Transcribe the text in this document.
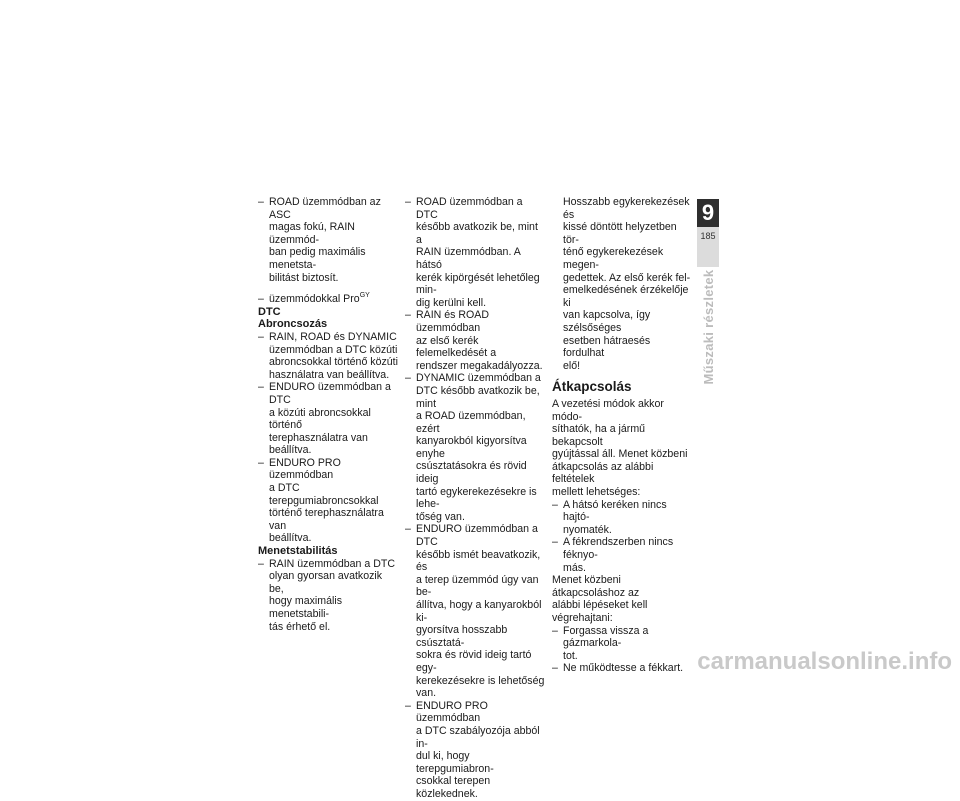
– ROAD üzemmódban az ASC
magas fokú, RAIN üzemmód-
ban pedig maximális menetsta-
bilitást biztosít.
– üzemmódokkal Pro$^{GY}$

DTC

Abroncsozás

– RAIN, ROAD és DYNAMIC
üzemmódban a DTC közúti
abroncsokkal történő közúti
használatra van beállítva.
– ENDURO üzemmódban a DTC
a közúti abroncsokkal történő
terephasználatra van beállítva.
– ENDURO PRO üzemmódban
a DTC terepgumiabroncsokkal
történő terephasználatra van
beállítva.

Menetstabilitás

– RAIN üzemmódban a DTC
olyan gyorsan avatkozik be,
hogy maximális menetstabili-
tás érhető el.
– ROAD üzemmódban a DTC
később avatkozik be, mint a
RAIN üzemmódban. A hátsó
kerék kipörgését lehetőleg min-
dig kerülni kell.
– RAIN és ROAD üzemmódban
az első kerék felemelkedését a
rendszer megakadályozza.
– DYNAMIC üzemmódban a
DTC később avatkozik be, mint
a ROAD üzemmódban, ezért
kanyarokból kigyorsítva enyhe
csúsztatásokra és rövid ideig
tartó egykerekezésekre is lehe-
tőség van.
– ENDURO üzemmódban a DTC
később ismét beavatkozik, és
a terep üzemmód úgy van be-
állítva, hogy a kanyarokból ki-
gyorsítva hosszabb csúsztatá-
sokra és rövid ideig tartó egy-
kerekezésekre is lehetőség van.
– ENDURO PRO üzemmódban
a DTC szabályozója abból in-
dul ki, hogy terepgumiabron-
csokkal terepen közlekednek.
Hosszabb egykerekezések és
kissé döntött helyzetben tör-
ténő egykerekezések megen-
gedettek. Az első kerék fel-
emelkedésének érzékelője ki
van kapcsolva, így szélsőséges
esetben hátraesés fordulhat
elő!

Átkapcsolás

A vezetési módok akkor módo-
síthatók, ha a jármű bekapcsolt
gyújtással áll. Menet közbeni
átkapcsolás az alábbi feltételek
mellett lehetséges:
– A hátsó keréken nincs hajtó-
nyomaték.
– A fékrendszerben nincs féknyo-
más.
Menet közbeni átkapcsoláshoz az
alábbi lépéseket kell végrehajtani:
– Forgassa vissza a gázmarkola-
tot.
– Ne működtesse a fékkart.
9
185
Műszaki részletek
carmanualsonline.info
